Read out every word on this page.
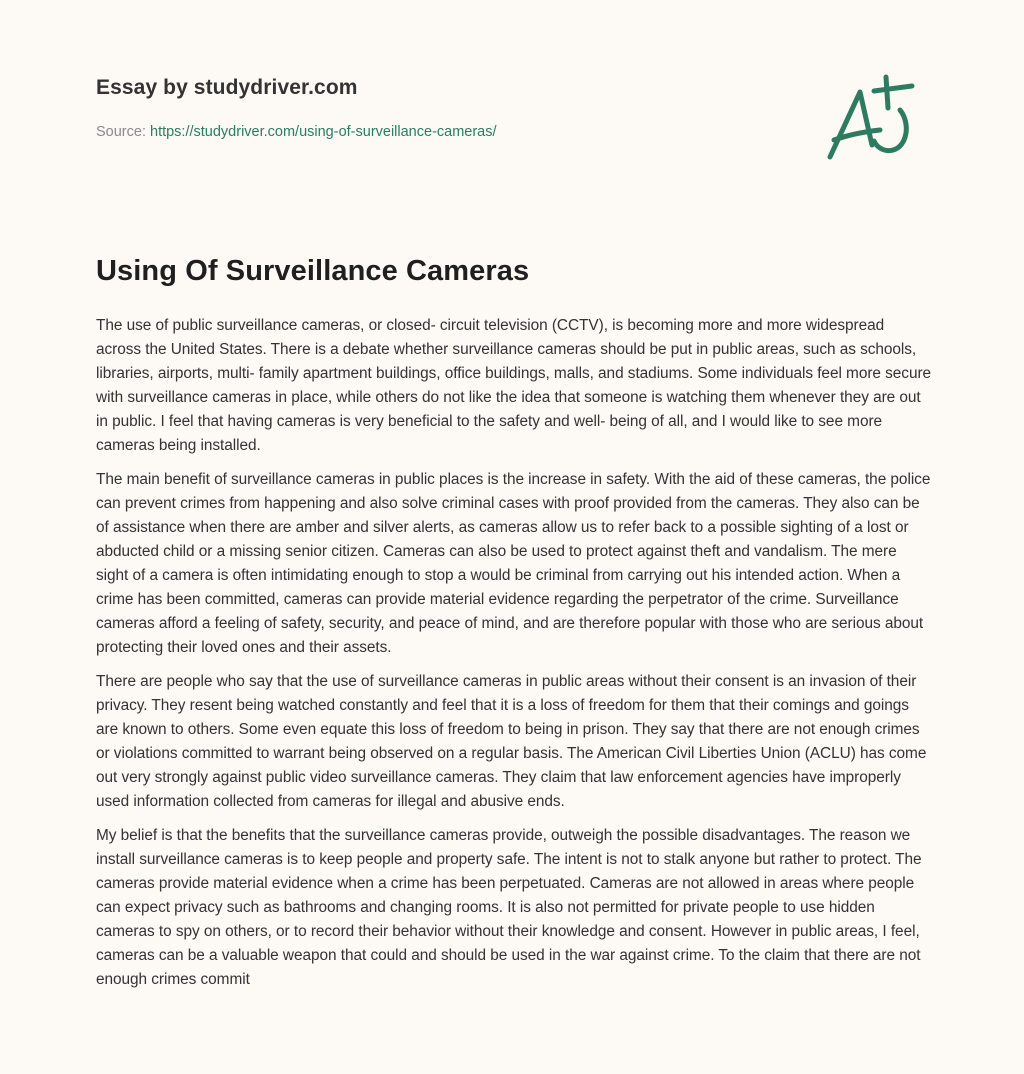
Essay by studydriver.com

Source: https://studydriver.com/using-of-surveillance-cameras/

Using Of Surveillance Cameras

The use of public surveillance cameras, or closed- circuit television (CCTV), is becoming more and more widespread across the United States. There is a debate whether surveillance cameras should be put in public areas, such as schools, libraries, airports, multi- family apartment buildings, office buildings, malls, and stadiums. Some individuals feel more secure with surveillance cameras in place, while others do not like the idea that someone is watching them whenever they are out in public. I feel that having cameras is very beneficial to the safety and well- being of all, and I would like to see more cameras being installed.

The main benefit of surveillance cameras in public places is the increase in safety. With the aid of these cameras, the police can prevent crimes from happening and also solve criminal cases with proof provided from the cameras. They also can be of assistance when there are amber and silver alerts, as cameras allow us to refer back to a possible sighting of a lost or abducted child or a missing senior citizen. Cameras can also be used to protect against theft and vandalism. The mere sight of a camera is often intimidating enough to stop a would be criminal from carrying out his intended action. When a crime has been committed, cameras can provide material evidence regarding the perpetrator of the crime. Surveillance cameras afford a feeling of safety, security, and peace of mind, and are therefore popular with those who are serious about protecting their loved ones and their assets.

There are people who say that the use of surveillance cameras in public areas without their consent is an invasion of their privacy. They resent being watched constantly and feel that it is a loss of freedom for them that their comings and goings are known to others. Some even equate this loss of freedom to being in prison. They say that there are not enough crimes or violations committed to warrant being observed on a regular basis. The American Civil Liberties Union (ACLU) has come out very strongly against public video surveillance cameras. They claim that law enforcement agencies have improperly used information collected from cameras for illegal and abusive ends.

My belief is that the benefits that the surveillance cameras provide, outweigh the possible disadvantages. The reason we install surveillance cameras is to keep people and property safe. The intent is not to stalk anyone but rather to protect. The cameras provide material evidence when a crime has been perpetuated. Cameras are not allowed in areas where people can expect privacy such as bathrooms and changing rooms. It is also not permitted for private people to use hidden cameras to spy on others, or to record their behavior without their knowledge and consent. However in public areas, I feel, cameras can be a valuable weapon that could and should be used in the war against crime. To the claim that there are not enough crimes commit
